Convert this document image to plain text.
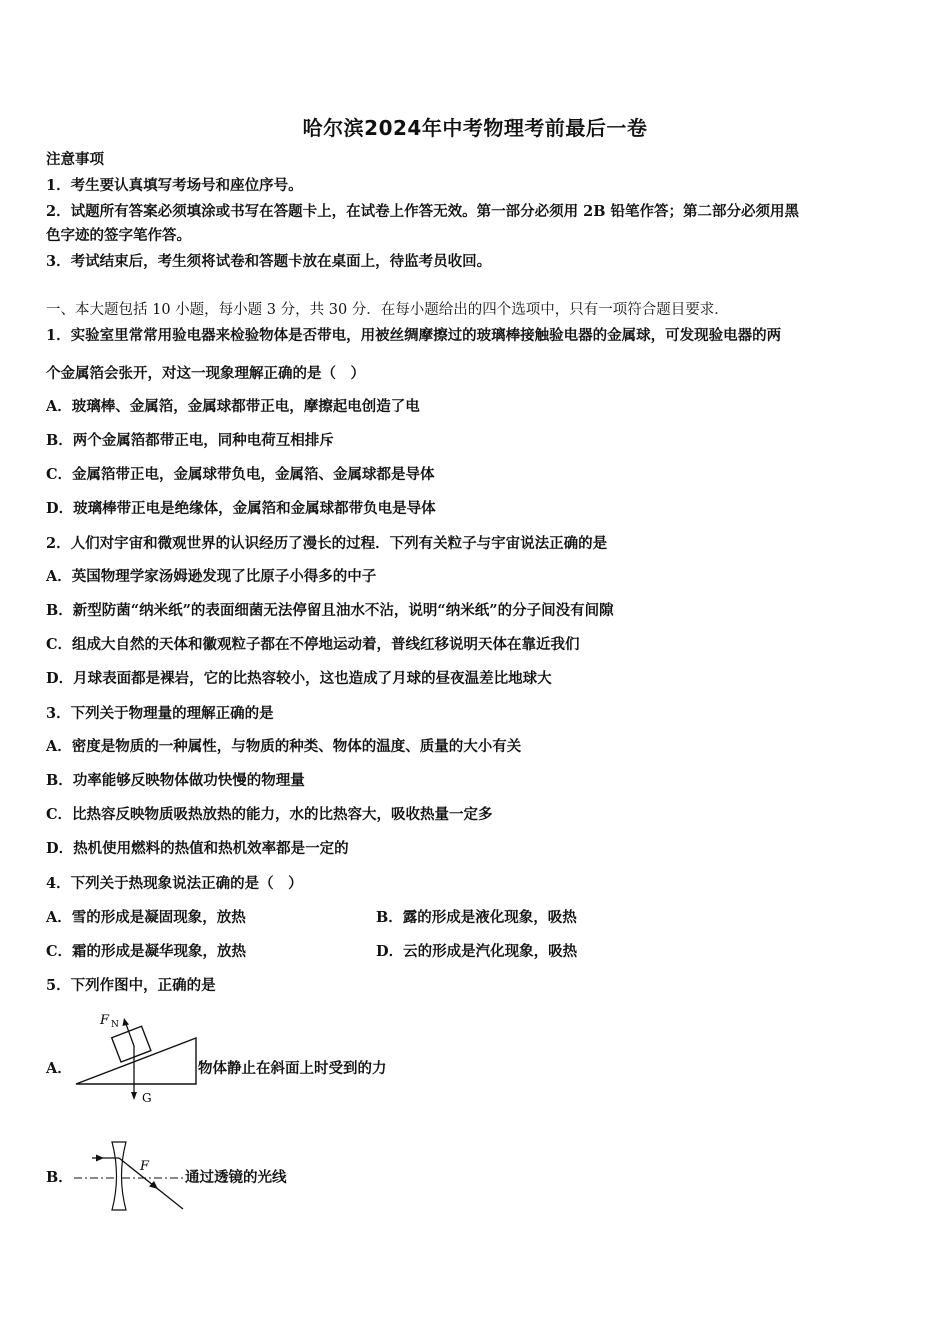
哈尔滨2024年中考物理考前最后一卷
注意事项
1．考生要认真填写考场号和座位序号。
2．试题所有答案必须填涂或书写在答题卡上，在试卷上作答无效。第一部分必须用 2B 铅笔作答；第二部分必须用黑
色字迹的签字笔作答。
3．考试结束后，考生须将试卷和答题卡放在桌面上，待监考员收回。
一、本大题包括 10 小题，每小题 3 分，共 30 分．在每小题给出的四个选项中，只有一项符合题目要求．
1．实验室里常常用验电器来检验物体是否带电，用被丝绸摩擦过的玻璃棒接触验电器的金属球，可发现验电器的两
个金属箔会张开，对这一现象理解正确的是（　）
A．玻璃棒、金属箔，金属球都带正电，摩擦起电创造了电
B．两个金属箔都带正电，同种电荷互相排斥
C．金属箔带正电，金属球带负电，金属箔、金属球都是导体
D．玻璃棒带正电是绝缘体，金属箔和金属球都带负电是导体
2．人们对宇宙和微观世界的认识经历了漫长的过程．下列有关粒子与宇宙说法正确的是
A．英国物理学家汤姆逊发现了比原子小得多的中子
B．新型防菌“纳米纸”的表面细菌无法停留且油水不沾，说明“纳米纸”的分子间没有间隙
C．组成大自然的天体和徽观粒子都在不停地运动着，普线红移说明天体在靠近我们
D．月球表面都是裸岩，它的比热容较小，这也造成了月球的昼夜温差比地球大
3．下列关于物理量的理解正确的是
A．密度是物质的一种属性，与物质的种类、物体的温度、质量的大小有关
B．功率能够反映物体做功快慢的物理量
C．比热容反映物质吸热放热的能力，水的比热容大，吸收热量一定多
D．热机使用燃料的热值和热机效率都是一定的
4．下列关于热现象说法正确的是（　）
A．雪的形成是凝固现象，放热	B．露的形成是液化现象，吸热
C．霜的形成是凝华现象，放热	D．云的形成是汽化现象，吸热
5．下列作图中，正确的是
A．
F N
G
物体静止在斜面上时受到的力
B．
F
通过透镜的光线
